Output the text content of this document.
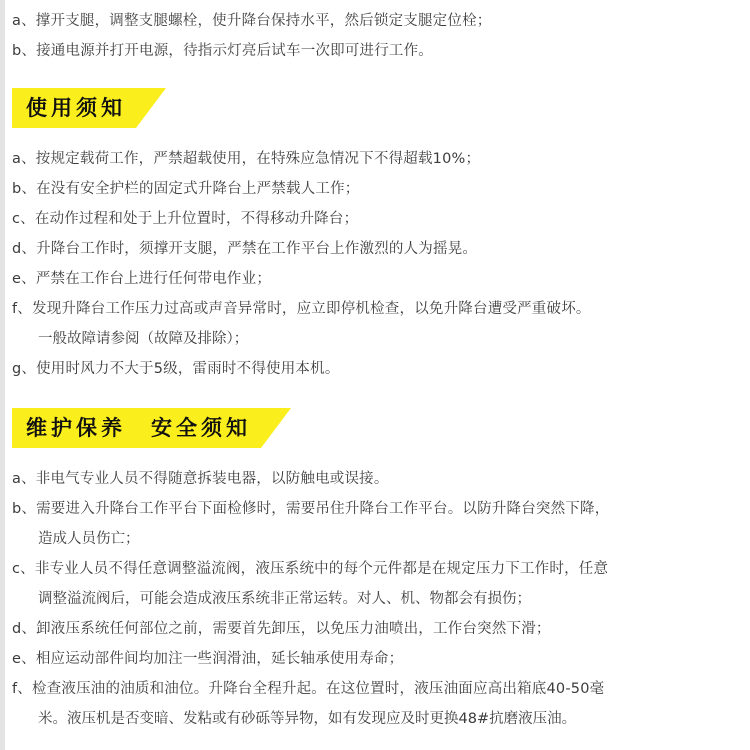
a、撑开支腿，调整支腿螺栓，使升降台保持水平，然后锁定支腿定位栓；
b、接通电源并打开电源，待指示灯亮后试车一次即可进行工作。
使用须知
a、按规定载荷工作，严禁超载使用，在特殊应急情况下不得超载10%；
b、在没有安全护栏的固定式升降台上严禁载人工作；
c、在动作过程和处于上升位置时，不得移动升降台；
d、升降台工作时，须撑开支腿，严禁在工作平台上作激烈的人为摇晃。
e、严禁在工作台上进行任何带电作业；
f、发现升降台工作压力过高或声音异常时，应立即停机检查，以免升降台遭受严重破坏。
一般故障请参阅（故障及排除）；
g、使用时风力不大于5级，雷雨时不得使用本机。
维护保养　安全须知
a、非电气专业人员不得随意拆装电器，以防触电或误接。
b、需要进入升降台工作平台下面检修时，需要吊住升降台工作平台。以防升降台突然下降，
造成人员伤亡；
c、非专业人员不得任意调整溢流阀，液压系统中的每个元件都是在规定压力下工作时，任意
调整溢流阀后，可能会造成液压系统非正常运转。对人、机、物都会有损伤；
d、卸液压系统任何部位之前，需要首先卸压，以免压力油喷出，工作台突然下滑；
e、相应运动部件间均加注一些润滑油，延长轴承使用寿命；
f、检查液压油的油质和油位。升降台全程升起。在这位置时，液压油面应高出箱底40-50毫
米。液压机是否变暗、发粘或有砂砾等异物，如有发现应及时更换48#抗磨液压油。
